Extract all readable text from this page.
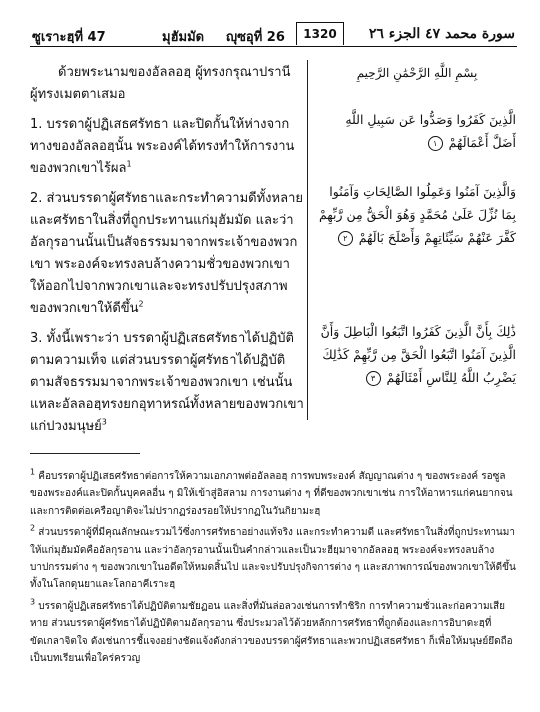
ซูเราะฮฺที่ 47	มุฮัมมัด ญุซอุที่ 26	1320	سورة محمد ٤٧ الجزء ٢٦

ด้วยพระนามของอัลลอฮฺ ผู้ทรงกรุณาปรานี ผู้ทรงเมตตาเสมอ

1. บรรดาผู้ปฏิเสธศรัทธา และปิดกั้นให้ห่างจากทางของอัลลอฮฺนั้น พระองค์ได้ทรงทำให้การงานของพวกเขาไร้ผล$^1$

2. ส่วนบรรดาผู้ศรัทธาและกระทำความดีทั้งหลาย และศรัทธาในสิ่งที่ถูกประทานแก่มุฮัมมัด และว่าอัลกุรอานนั้นเป็นสัจธรรมมาจากพระเจ้าของพวกเขา พระองค์จะทรงลบล้างความชั่วของพวกเขา ให้ออกไปจากพวกเขาและจะทรงปรับปรุงสภาพของพวกเขาให้ดีขึ้น$^2$

3. ทั้งนี้เพราะว่า บรรดาผู้ปฏิเสธศรัทธาได้ปฏิบัติตามความเท็จ แต่ส่วนบรรดาผู้ศรัทธาได้ปฏิบัติตามสัจธรรมมาจากพระเจ้าของพวกเขา เช่นนั้นแหละอัลลอฮฺทรงยกอุทาหรณ์ทั้งหลายของพวกเขาแก่ปวงมนุษย์$^3$

بِسْمِ اللَّهِ الرَّحْمَٰنِ الرَّحِيمِ
الَّذِينَ كَفَرُوا وَصَدُّوا عَن سَبِيلِ اللَّهِ أَضَلَّ أَعْمَالَهُمْ ١
وَالَّذِينَ آمَنُوا وَعَمِلُوا الصَّالِحَاتِ وَآمَنُوا بِمَا نُزِّلَ عَلَىٰ مُحَمَّدٍ وَهُوَ الْحَقُّ مِن رَّبِّهِمْ كَفَّرَ عَنْهُمْ سَيِّئَاتِهِمْ وَأَصْلَحَ بَالَهُمْ ٢
ذَٰلِكَ بِأَنَّ الَّذِينَ كَفَرُوا اتَّبَعُوا الْبَاطِلَ وَأَنَّ الَّذِينَ آمَنُوا اتَّبَعُوا الْحَقَّ مِن رَّبِّهِمْ كَذَٰلِكَ يَضْرِبُ اللَّهُ لِلنَّاسِ أَمْثَالَهُمْ ٣

$^1$ คือบรรดาผู้ปฏิเสธศรัทธาต่อการให้ความเอกภาพต่ออัลลอฮฺ การพบพระองค์ สัญญาณต่าง ๆ ของพระองค์ รอซูลของพระองค์และปิดกั้นบุคคลอื่น ๆ มิให้เข้าสู่อิสลาม การงานต่าง ๆ ที่ดีของพวกเขาเช่น การให้อาหารแก่คนยากจนและการติดต่อเครือญาติจะไม่ปรากฏร่องรอยให้ปรากฏในวันกิยามะฮฺ

$^2$ ส่วนบรรดาผู้ที่มีคุณลักษณะรวมไว้ซึ่งการศรัทธาอย่างแท้จริง และกระทำความดี และศรัทธาในสิ่งที่ถูกประทานมาให้แก่มุฮัมมัดคืออัลกุรอาน และว่าอัลกุรอานนั้นเป็นคำกล่าวและเป็นวะฮียฺมาจากอัลลอฮฺ พระองค์จะทรงลบล้างบาปกรรมต่าง ๆ ของพวกเขาในอดีตให้หมดสิ้นไป และจะปรับปรุงกิจการต่าง ๆ และสภาพการณ์ของพวกเขาให้ดีขึ้นทั้งในโลกดุนยาและโลกอาคีเราะฮฺ

$^3$ บรรดาผู้ปฏิเสธศรัทธาได้ปฏิบัติตามชัยฏอน และสิ่งที่มันล่อลวงเช่นการทำชิริก การทำความชั่วและก่อความเสียหาย ส่วนบรรดาผู้ศรัทธาได้ปฏิบัติตามอัลกุรอาน ซึ่งประมวลไว้ด้วยหลักการศรัทธาที่ถูกต้องและการอิบาดะฮฺที่ขัดเกลาจิตใจ ดังเช่นการชี้แจงอย่างชัดแจ้งดังกล่าวของบรรดาผู้ศรัทธาและพวกปฏิเสธศรัทธา ก็เพื่อให้มนุษย์ยึดถือเป็นบทเรียนเพื่อใคร่ครวญ
